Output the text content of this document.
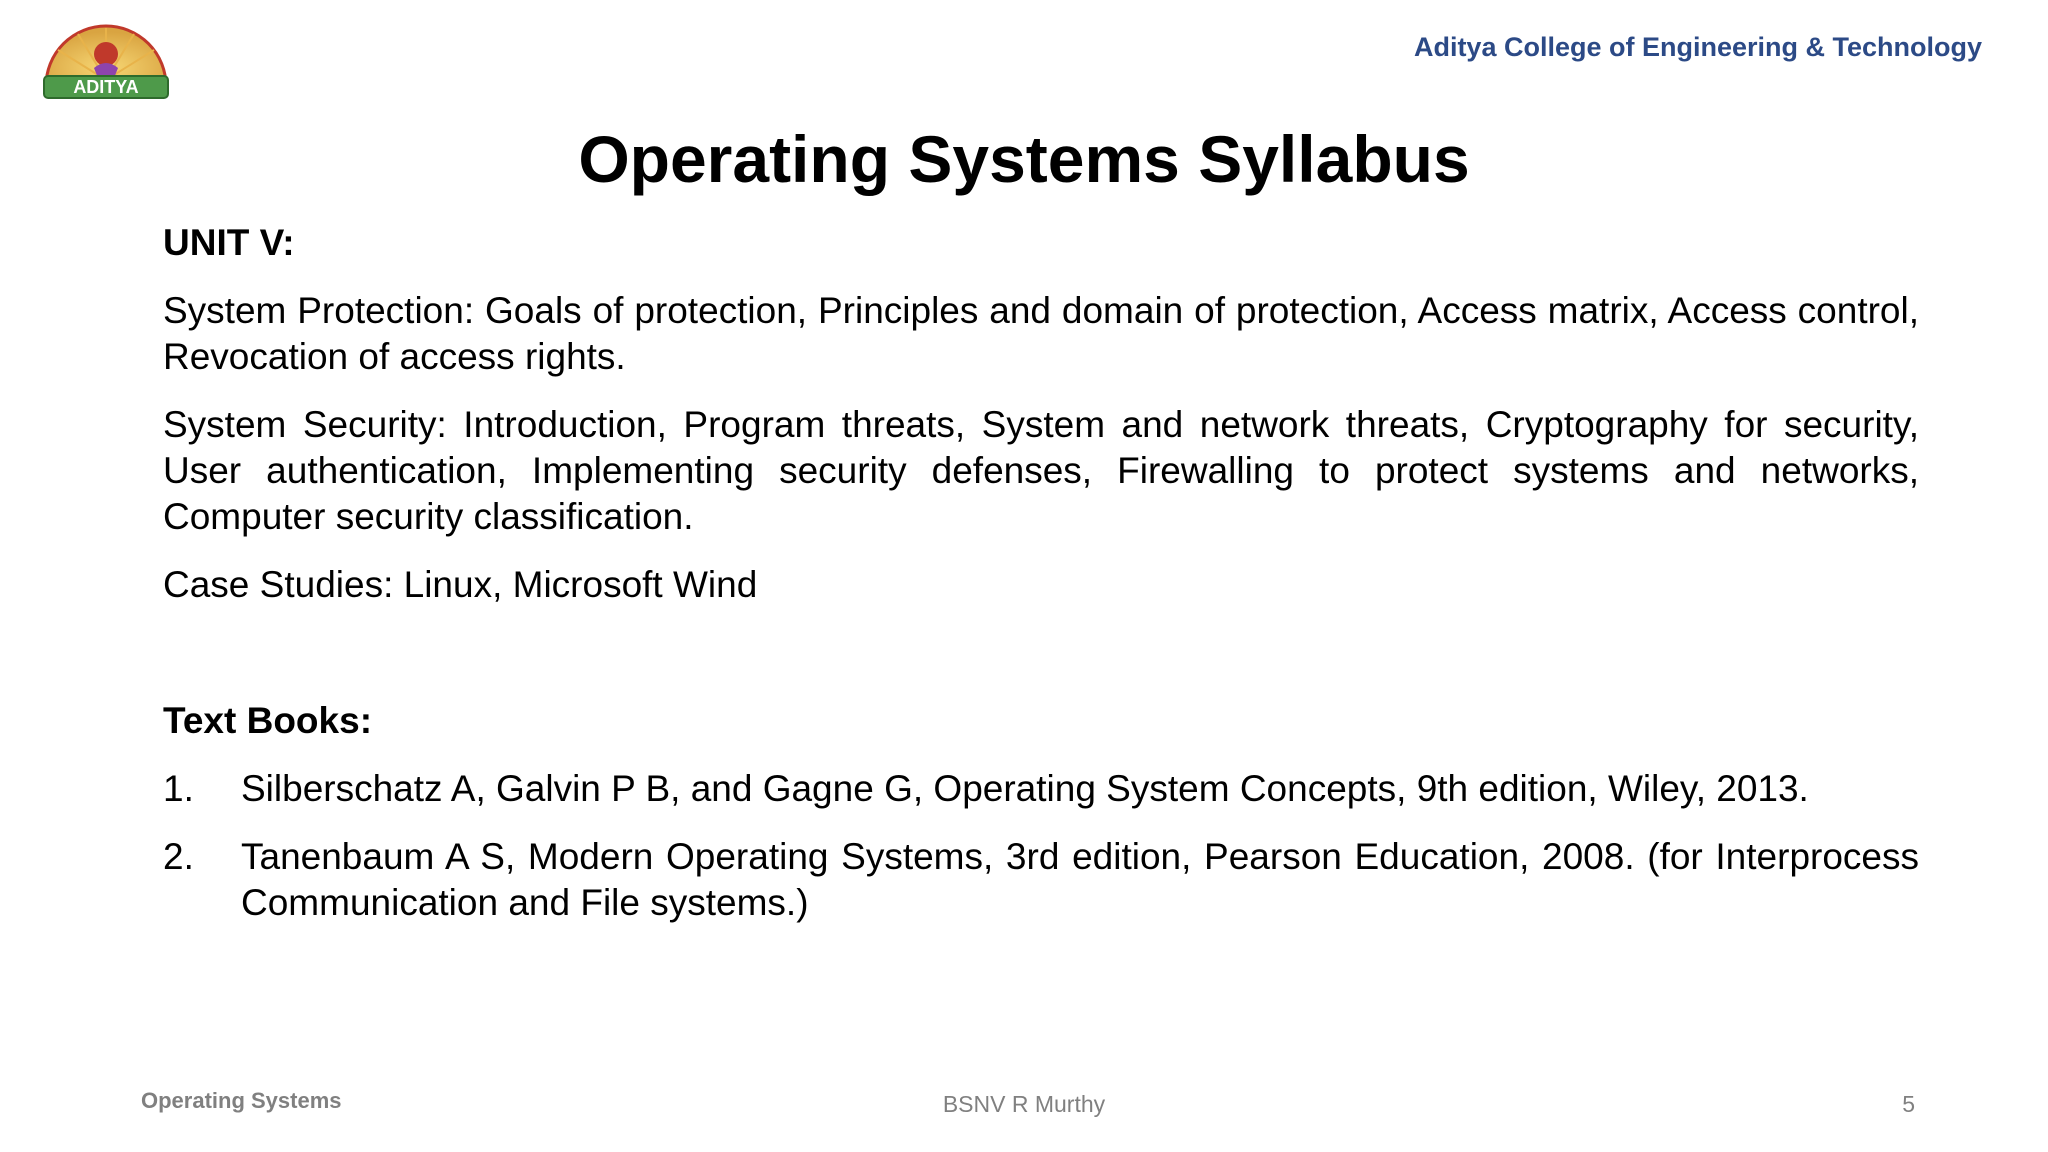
ADITYA
Aditya College of Engineering & Technology
Operating Systems Syllabus
UNIT V:

System Protection: Goals of protection, Principles and domain of protection, Access matrix, Access control, Revocation of access rights.

System Security: Introduction, Program threats, System and network threats, Cryptography for security, User authentication, Implementing security defenses, Firewalling to protect systems and networks, Computer security classification.

Case Studies: Linux, Microsoft Wind

Text Books:
1.	Silberschatz A, Galvin P B, and Gagne G, Operating System Concepts, 9th edition, Wiley, 2013.
2.	Tanenbaum A S, Modern Operating Systems, 3rd edition, Pearson Education, 2008. (for Interprocess Communication and File systems.)
Operating Systems	BSNV R Murthy	5
